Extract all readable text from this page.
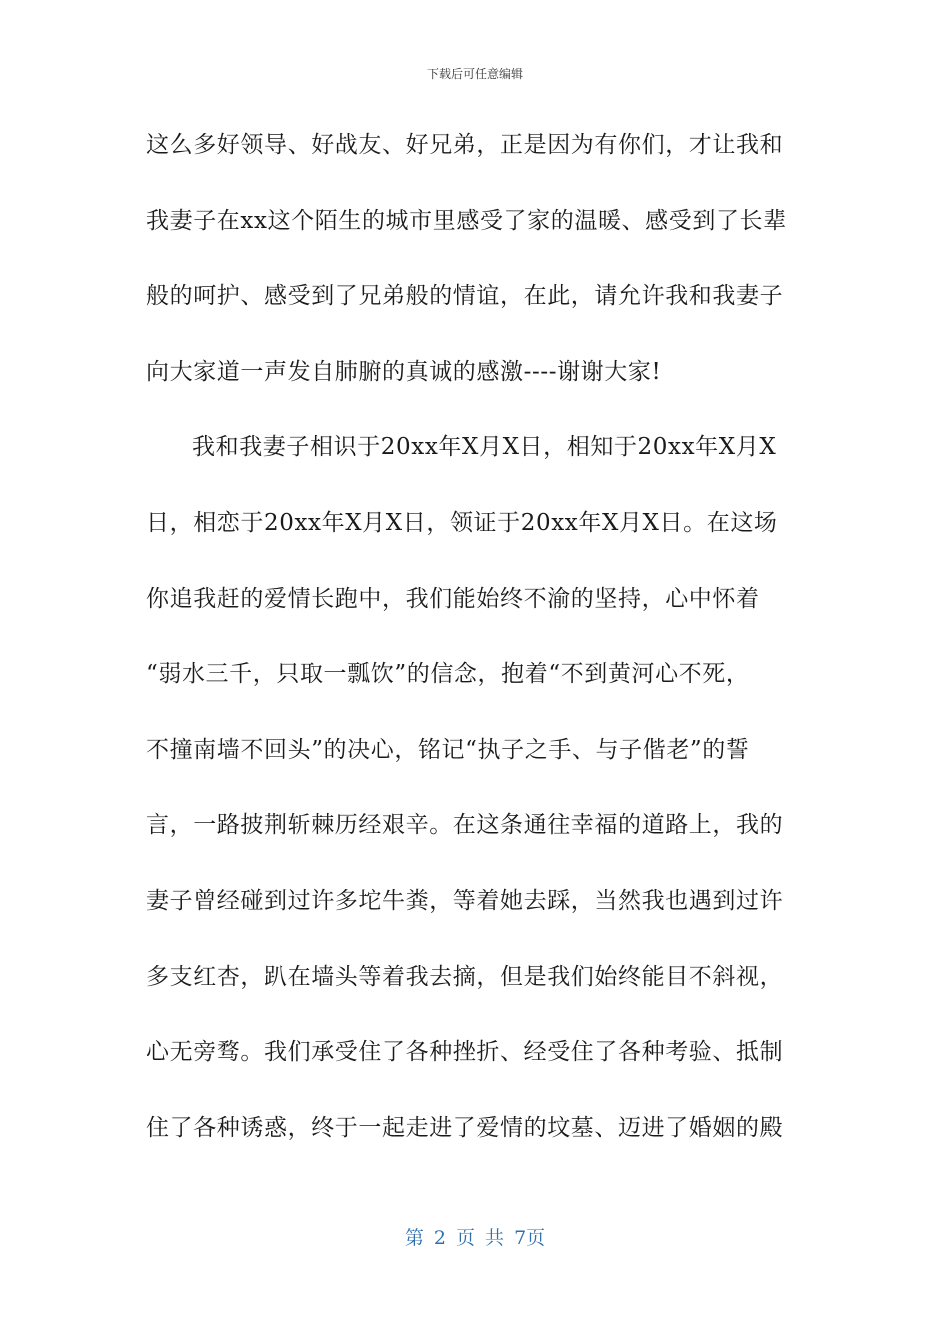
下载后可任意编辑
这么多好领导、好战友、好兄弟，正是因为有你们，才让我和
我妻子在xx这个陌生的城市里感受了家的温暖、感受到了长辈
般的呵护、感受到了兄弟般的情谊，在此，请允许我和我妻子
向大家道一声发自肺腑的真诚的感激----谢谢大家!
我和我妻子相识于20xx年X月X日，相知于20xx年X月X
日，相恋于20xx年X月X日，领证于20xx年X月X日。在这场
你追我赶的爱情长跑中，我们能始终不渝的坚持，心中怀着
“弱水三千，只取一瓢饮”的信念，抱着“不到黄河心不死，
不撞南墙不回头”的决心，铭记“执子之手、与子偕老”的誓
言，一路披荆斩棘历经艰辛。在这条通往幸福的道路上，我的
妻子曾经碰到过许多坨牛粪，等着她去踩，当然我也遇到过许
多支红杏，趴在墙头等着我去摘，但是我们始终能目不斜视，
心无旁骛。我们承受住了各种挫折、经受住了各种考验、抵制
住了各种诱惑，终于一起走进了爱情的坟墓、迈进了婚姻的殿
第 2 页 共 7页
